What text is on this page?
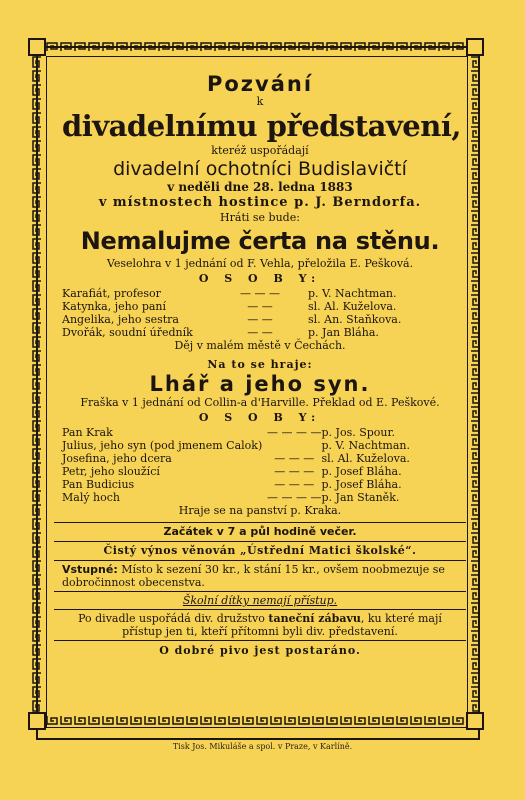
Pozvání
k
divadelnímu představení,
kteréž uspořádají
divadelní ochotníci Budislavičtí
v neděli dne 28. ledna 1883
v místnostech hostince p. J. Berndorfa.
Hráti se bude:
Nemalujme čerta na stěnu.
Veselohra v 1 jednání od F. Vehla, přeložila E. Pešková.
O S O B Y:
Karafiát, profesor	— — —	p. V. Nachtman.
Katynka, jeho paní	— —	sl. Al. Kuželova.
Angelika, jeho sestra	— —	sl. An. Staňkova.
Dvořák, soudní úředník	— —	p. Jan Bláha.
Děj v malém městě v Čechách.
Na to se hraje:
Lhář a jeho syn.
Fraška v 1 jednání od Collin-a d'Harville. Překlad od E. Peškové.
O S O B Y:
Pan Krak	— — — —	p. Jos. Spour.
Julius, jeho syn (pod jmenem Calok)		p. V. Nachtman.
Josefina, jeho dcera	— — —	sl. Al. Kuželova.
Petr, jeho sloužící	— — —	p. Josef Bláha.
Pan Budicius	— — —	p. Josef Bláha.
Malý hoch	— — — —	p. Jan Staněk.
Hraje se na panství p. Kraka.
Začátek v 7 a půl hodině večer.
Čistý výnos věnován „Ústřední Matici školské“.
Vstupné: Místo k sezení 30 kr., k stání 15 kr., ovšem noobmezuje se dobročinnost obecenstva.
Školní dítky nemají přístup.
Po divadle uspořádá div. družstvo taneční zábavu, ku které mají přístup jen ti, kteří přítomni byli div. představení.
O dobré pivo jest postaráno.
Tisk Jos. Mikuláše a spol. v Praze, v Karlíně.
